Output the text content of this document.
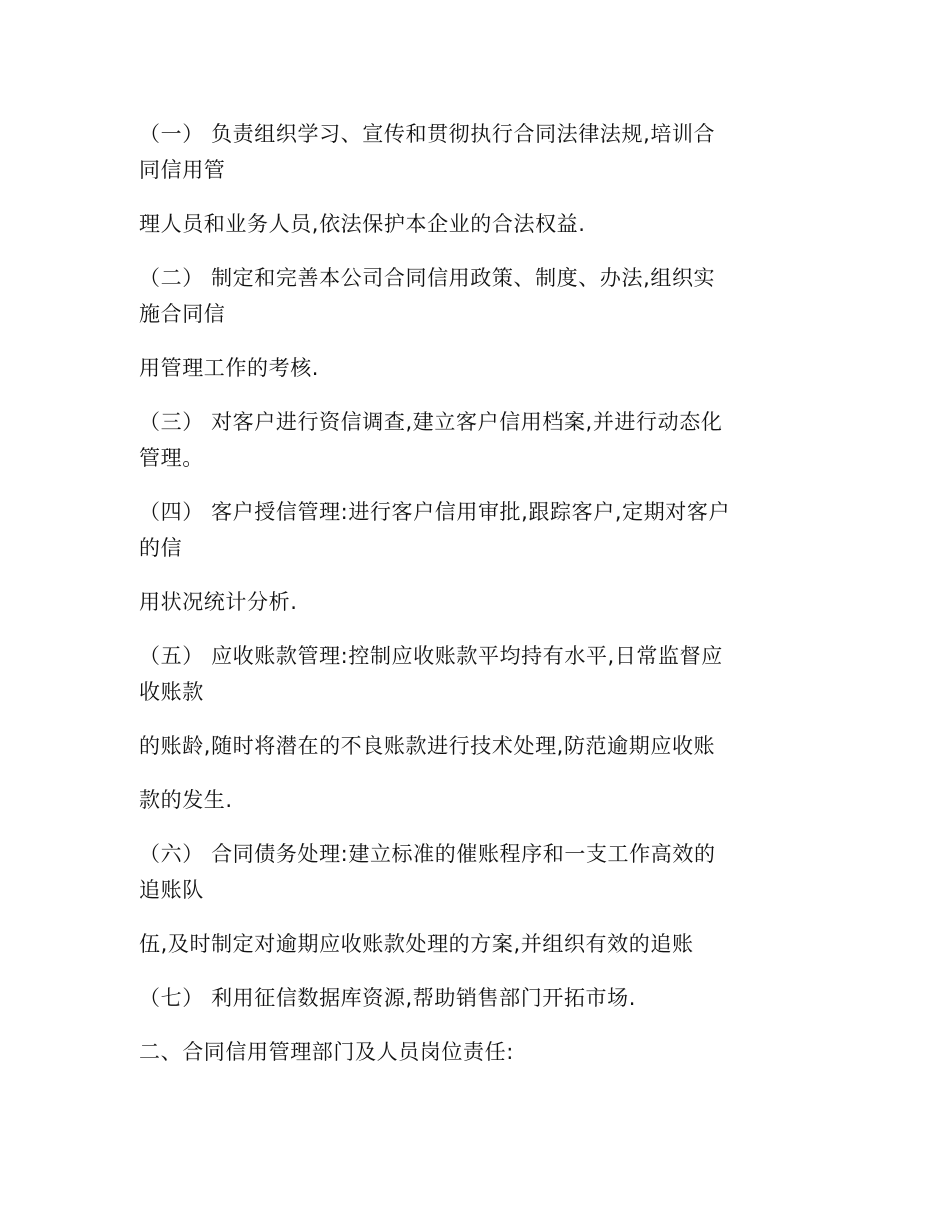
（一） 负责组织学习、宣传和贯彻执行合同法律法规,培训合
同信用管

理人员和业务人员,依法保护本企业的合法权益.

（二） 制定和完善本公司合同信用政策、制度、办法,组织实
施合同信

用管理工作的考核.

（三） 对客户进行资信调查,建立客户信用档案,并进行动态化
管理。

（四） 客户授信管理:进行客户信用审批,跟踪客户,定期对客户
的信

用状况统计分析.

（五） 应收账款管理:控制应收账款平均持有水平,日常监督应
收账款

的账龄,随时将潜在的不良账款进行技术处理,防范逾期应收账

款的发生.

（六） 合同债务处理:建立标准的催账程序和一支工作高效的
追账队

伍,及时制定对逾期应收账款处理的方案,并组织有效的追账

（七） 利用征信数据库资源,帮助销售部门开拓市场.

二、合同信用管理部门及人员岗位责任:
